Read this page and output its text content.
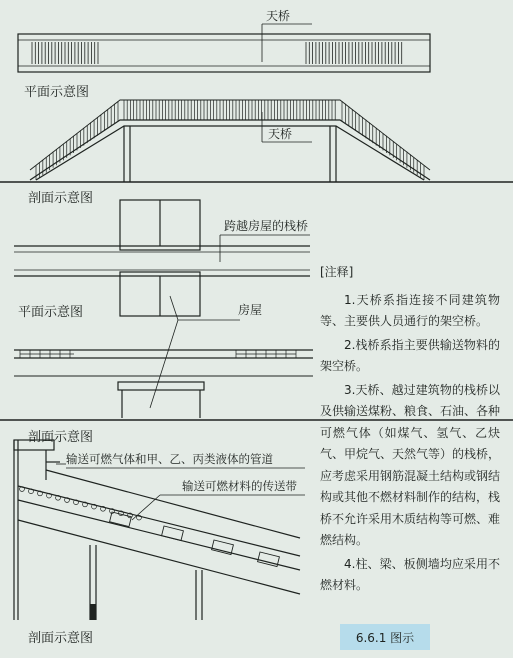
天桥
平面示意图
天桥
剖面示意图
跨越房屋的栈桥
平面示意图	房屋
剖面示意图
输送可燃气体和甲、乙、丙类液体的管道
输送可燃材料的传送带
剖面示意图
[注释]

1.天桥系指连接不同建筑物等、主要供人员通行的架空桥。

2.栈桥系指主要供输送物料的架空桥。

3.天桥、越过建筑物的栈桥以及供输送煤粉、粮食、石油、各种可燃气体（如煤气、氢气、乙炔气、甲烷气、天然气等）的栈桥，应考虑采用钢筋混凝土结构或钢结构或其他不燃材料制作的结构，栈桥不允许采用木质结构等可燃、难燃结构。

4.柱、梁、板侧墙均应采用不燃材料。

6.6.1 图示
